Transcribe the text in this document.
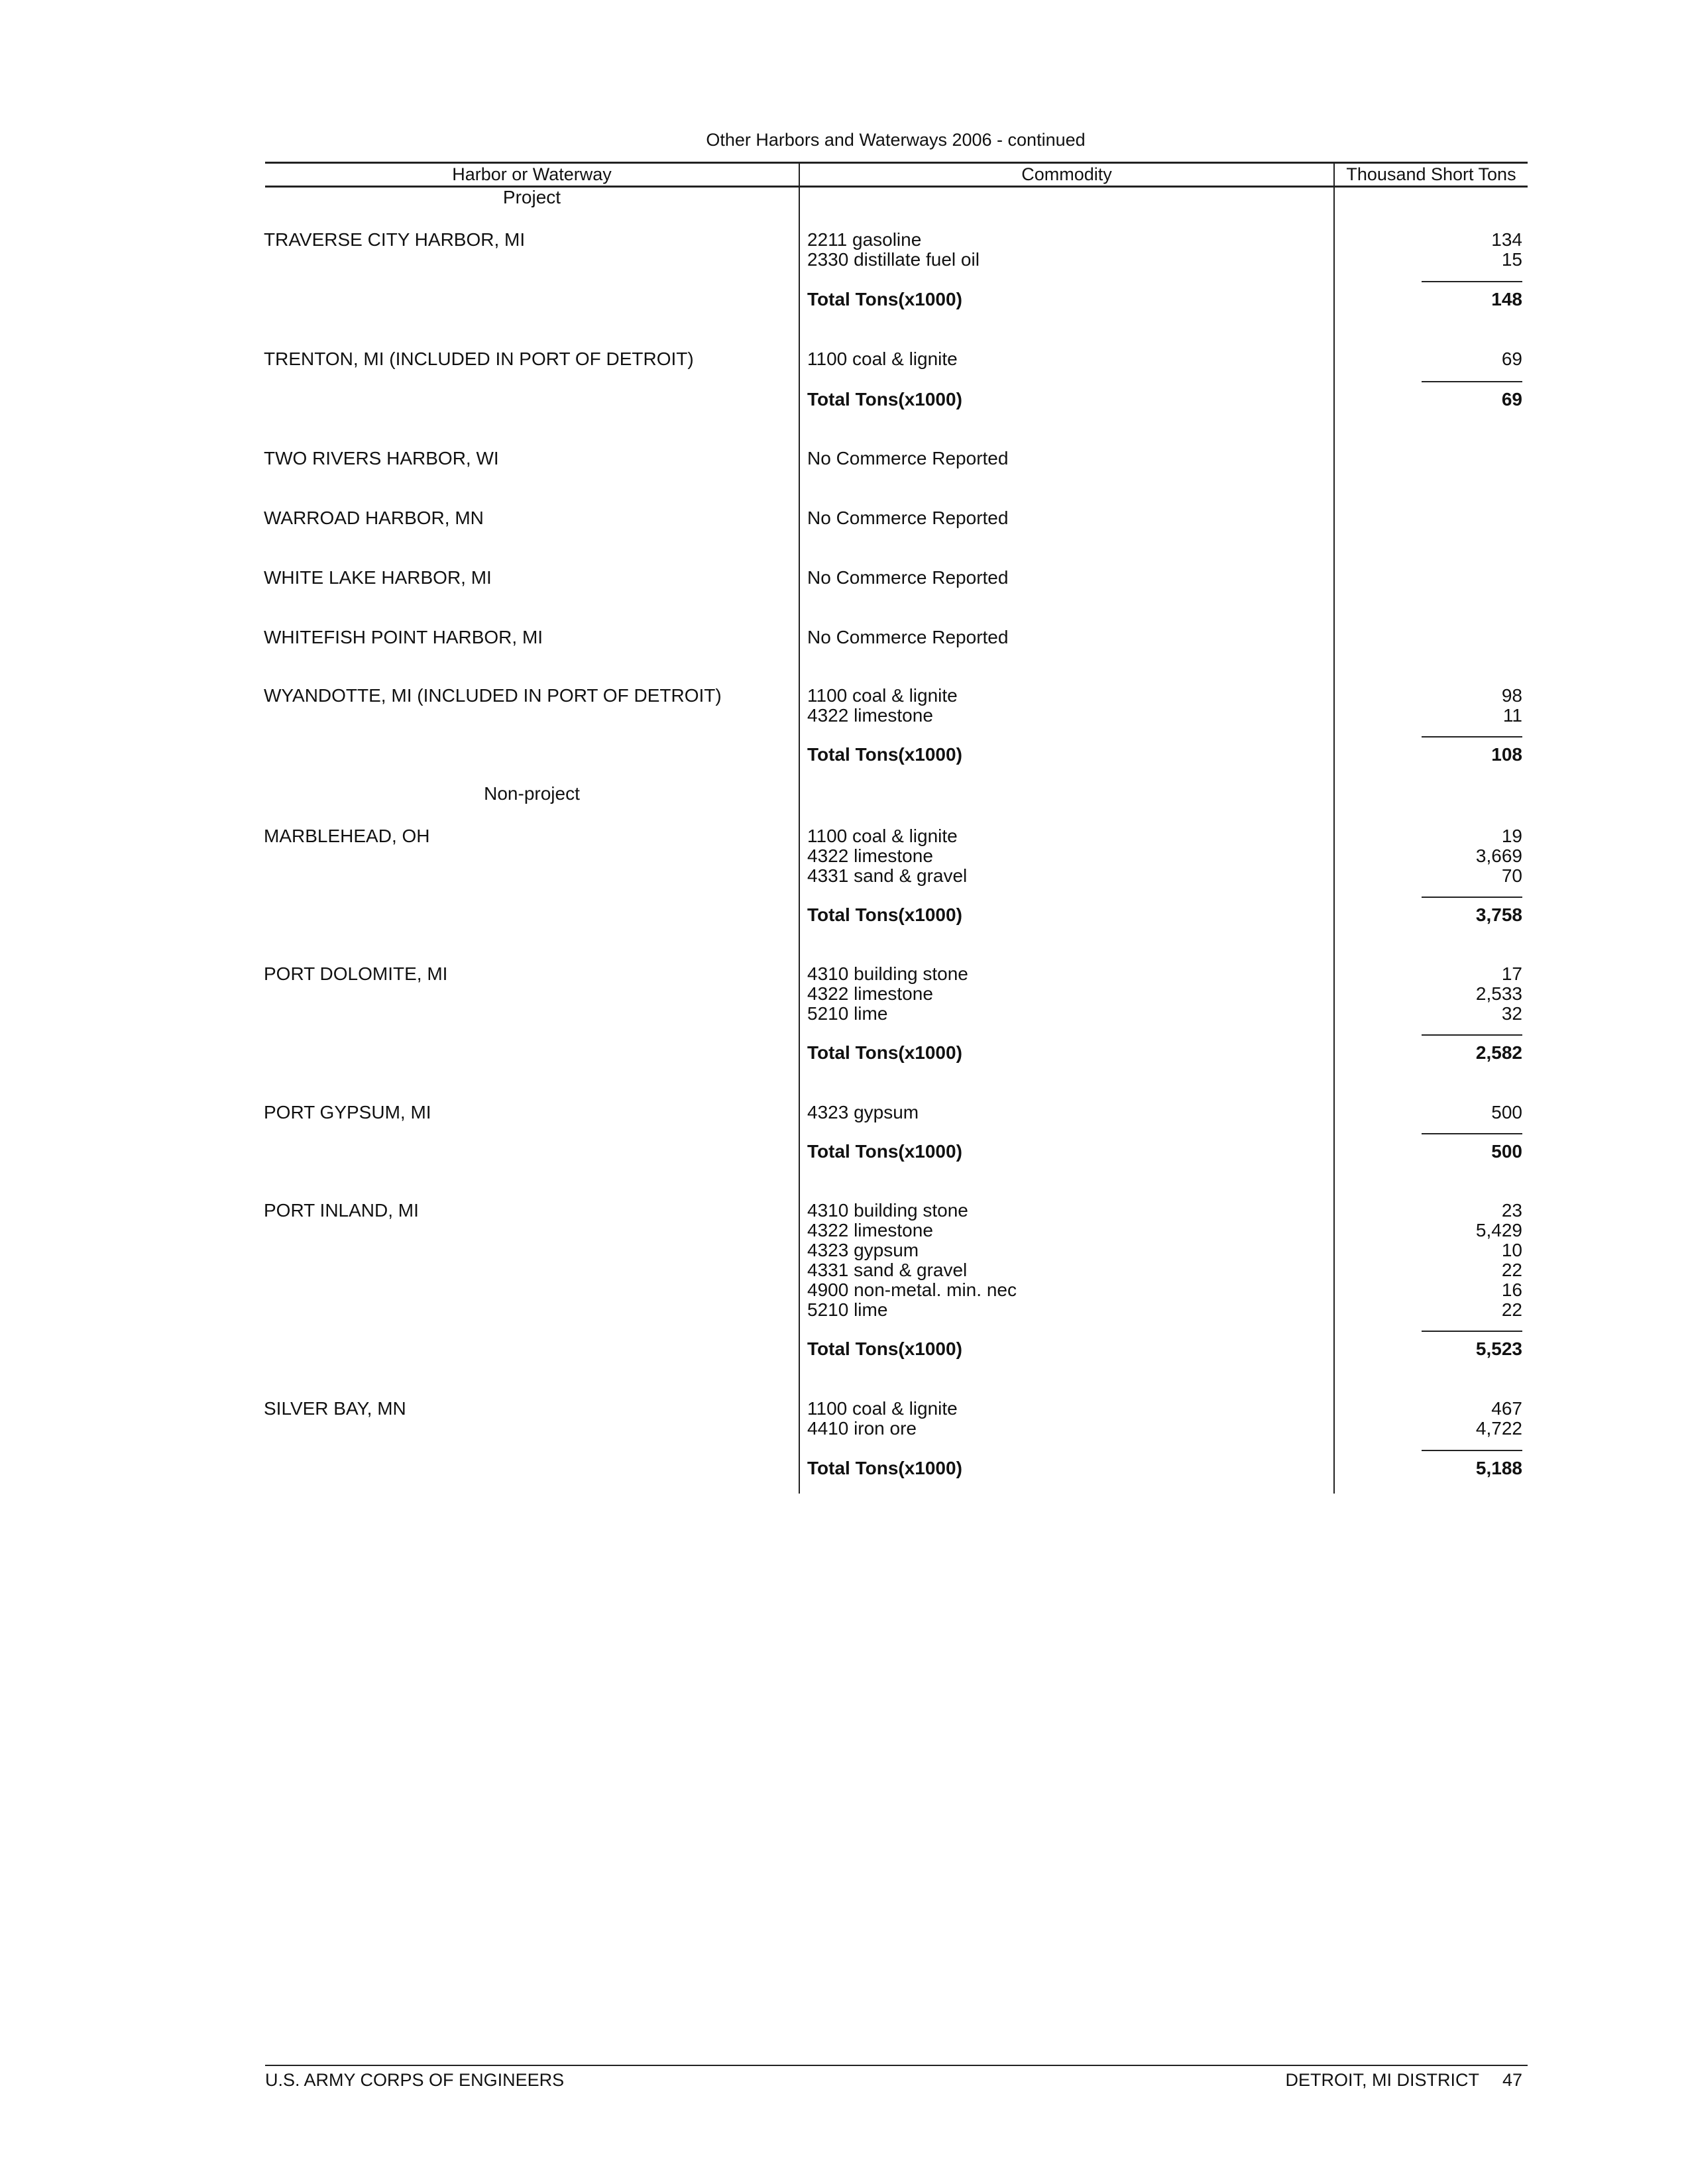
Other Harbors and Waterways 2006 - continued
Harbor or Waterway	Commodity	Thousand Short Tons
Project
TRAVERSE CITY HARBOR, MI	2211 gasoline	134
2330 distillate fuel oil	15
Total Tons(x1000)	148
TRENTON, MI (INCLUDED IN PORT OF DETROIT)	1100 coal & lignite	69
Total Tons(x1000)	69
TWO RIVERS HARBOR, WI	No Commerce Reported
WARROAD HARBOR, MN	No Commerce Reported
WHITE LAKE HARBOR, MI	No Commerce Reported
WHITEFISH POINT HARBOR, MI	No Commerce Reported
WYANDOTTE, MI (INCLUDED IN PORT OF DETROIT)	1100 coal & lignite	98
4322 limestone	11
Total Tons(x1000)	108
Non-project
MARBLEHEAD, OH	1100 coal & lignite	19
4322 limestone	3,669
4331 sand & gravel	70
Total Tons(x1000)	3,758
PORT DOLOMITE, MI	4310 building stone	17
4322 limestone	2,533
5210 lime	32
Total Tons(x1000)	2,582
PORT GYPSUM, MI	4323 gypsum	500
Total Tons(x1000)	500
PORT INLAND, MI	4310 building stone	23
4322 limestone	5,429
4323 gypsum	10
4331 sand & gravel	22
4900 non-metal. min. nec	16
5210 lime	22
Total Tons(x1000)	5,523
SILVER BAY, MN	1100 coal & lignite	467
4410 iron ore	4,722
Total Tons(x1000)	5,188
U.S. ARMY CORPS OF ENGINEERS	DETROIT, MI DISTRICT 47
